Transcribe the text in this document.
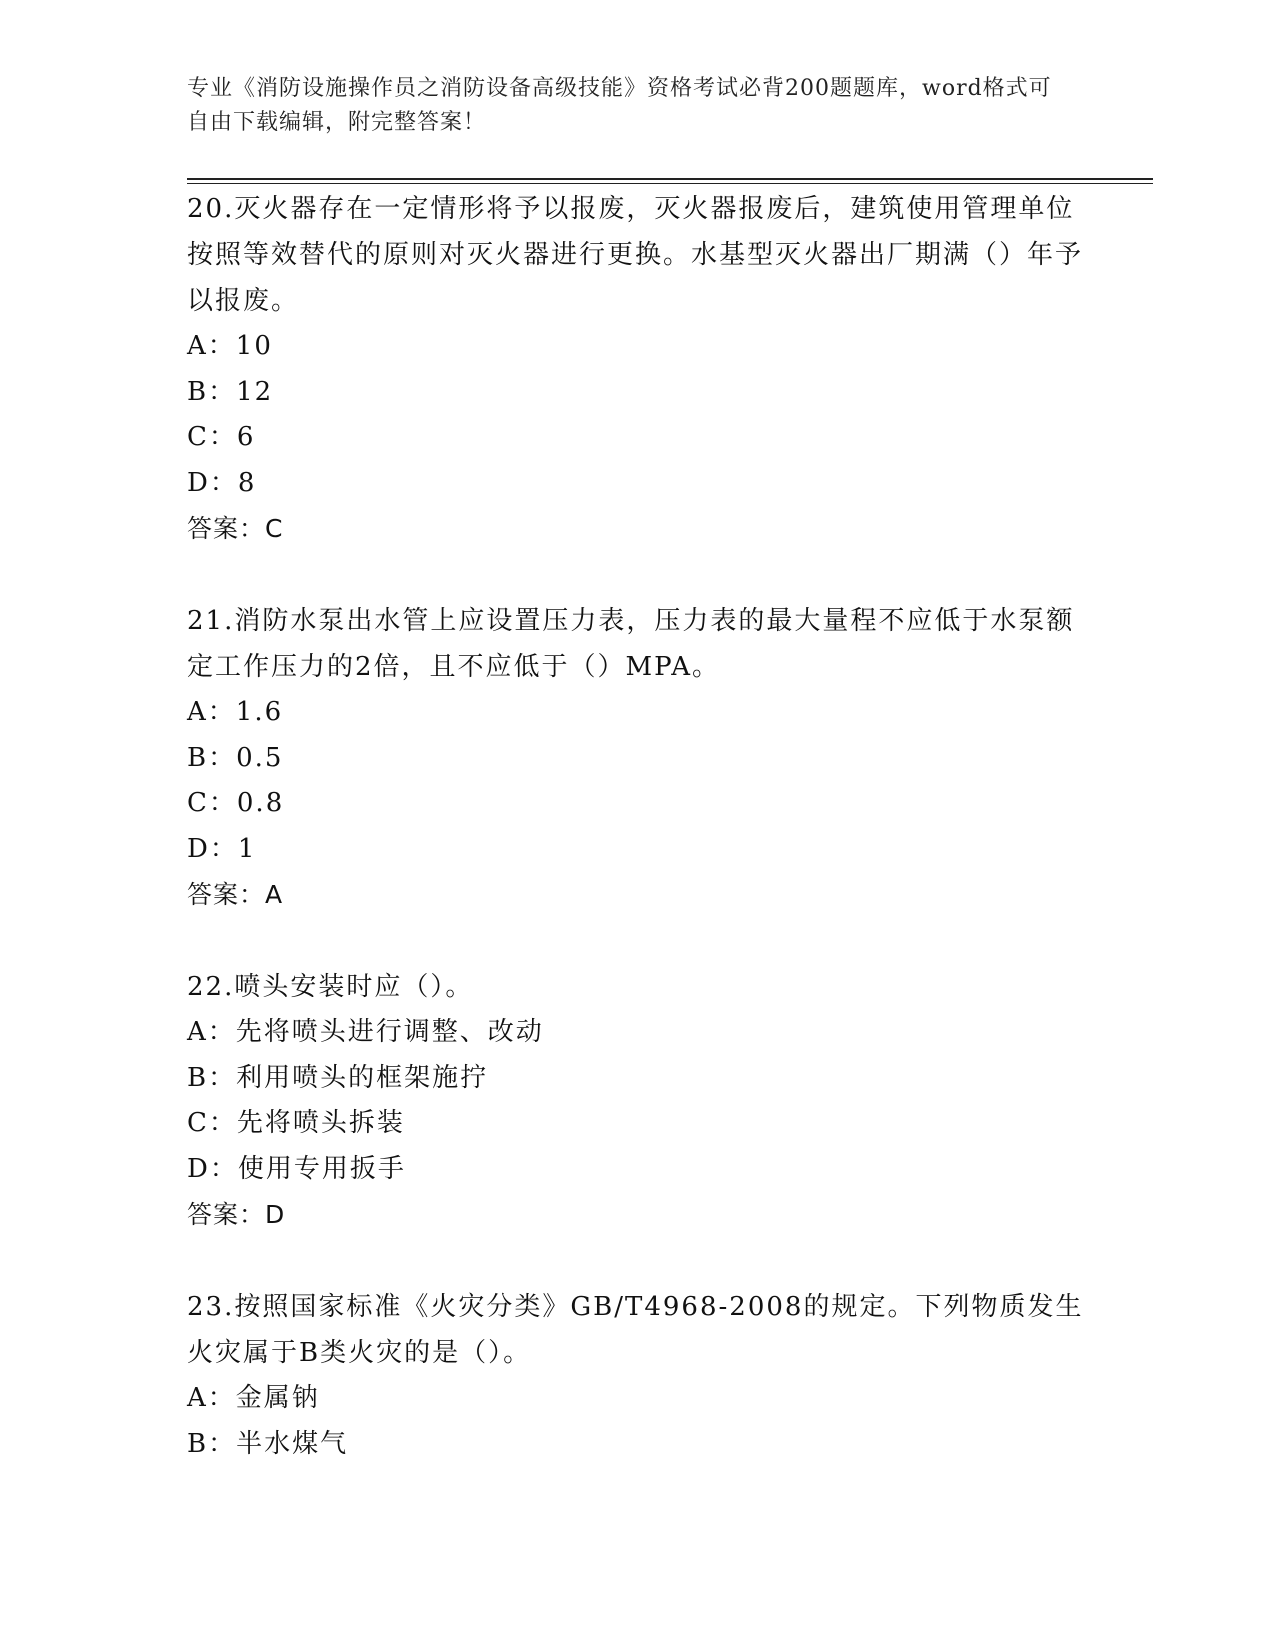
专业《消防设施操作员之消防设备高级技能》资格考试必背200题题库，word格式可自由下载编辑，附完整答案！
20.灭火器存在一定情形将予以报废，灭火器报废后，建筑使用管理单位按照等效替代的原则对灭火器进行更换。水基型灭火器出厂期满（）年予以报废。
A：10
B：12
C：6
D：8
答案：C
21.消防水泵出水管上应设置压力表，压力表的最大量程不应低于水泵额定工作压力的2倍，且不应低于（）MPA。
A：1.6
B：0.5
C：0.8
D：1
答案：A
22.喷头安装时应（）。
A：先将喷头进行调整、改动
B：利用喷头的框架施拧
C：先将喷头拆装
D：使用专用扳手
答案：D
23.按照国家标准《火灾分类》GB/T4968-2008的规定。下列物质发生火灾属于B类火灾的是（）。
A：金属钠
B：半水煤气
